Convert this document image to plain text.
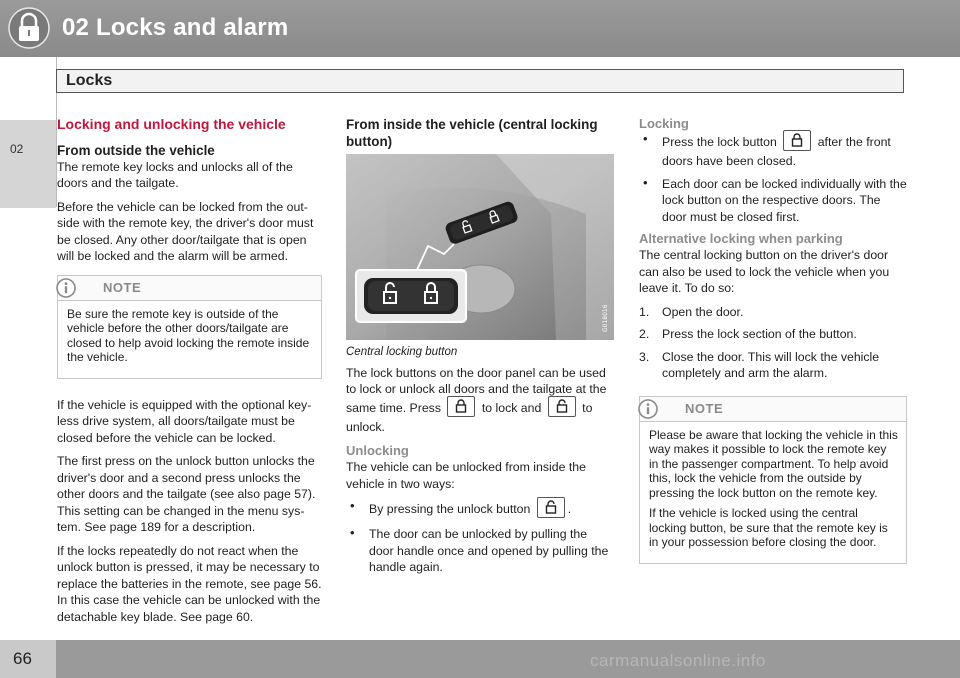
02 Locks and alarm
Locks
02
Locking and unlocking the vehicle
From outside the vehicle

The remote key locks and unlocks all of the doors and the tailgate.

Before the vehicle can be locked from the out-side with the remote key, the driver's door must be closed. Any other door/tailgate that is open will be locked and the alarm will be armed.

NOTE

Be sure the remote key is outside of the vehicle before the other doors/tailgate are closed to help avoid locking the remote inside the vehicle.

If the vehicle is equipped with the optional key-less drive system, all doors/tailgate must be closed before the vehicle can be locked.

The first press on the unlock button unlocks the driver's door and a second press unlocks the other doors and the tailgate (see also page 57). This setting can be changed in the menu sys-tem. See page 189 for a description.

If the locks repeatedly do not react when the unlock button is pressed, it may be necessary to replace the batteries in the remote, see page 56. In this case the vehicle can be unlocked with the detachable key blade. See page 60.

From inside the vehicle (central locking button)
G018016

Central locking button

The lock buttons on the door panel can be used to lock or unlock all doors and the tailgate at the same time. Press	to lock and	to unlock.

Unlocking

The vehicle can be unlocked from inside the vehicle in two ways:

• By pressing the unlock button	.
• The door can be unlocked by pulling the door handle once and opened by pulling the handle again.
Locking
• Press the lock button	after the front doors have been closed.
• Each door can be locked individually with the lock button on the respective doors. The door must be closed first.
Alternative locking when parking

The central locking button on the driver's door can also be used to lock the vehicle when you leave it. To do so:

1. Open the door.
2. Press the lock section of the button.
3. Close the door. This will lock the vehicle completely and arm the alarm.
NOTE

Please be aware that locking the vehicle in this way makes it possible to lock the remote key in the passenger compartment. To help avoid this, lock the vehicle from the outside by pressing the lock button on the remote key.

If the vehicle is locked using the central locking button, be sure that the remote key is in your possession before closing the door.

66	carmanualsonline.info
